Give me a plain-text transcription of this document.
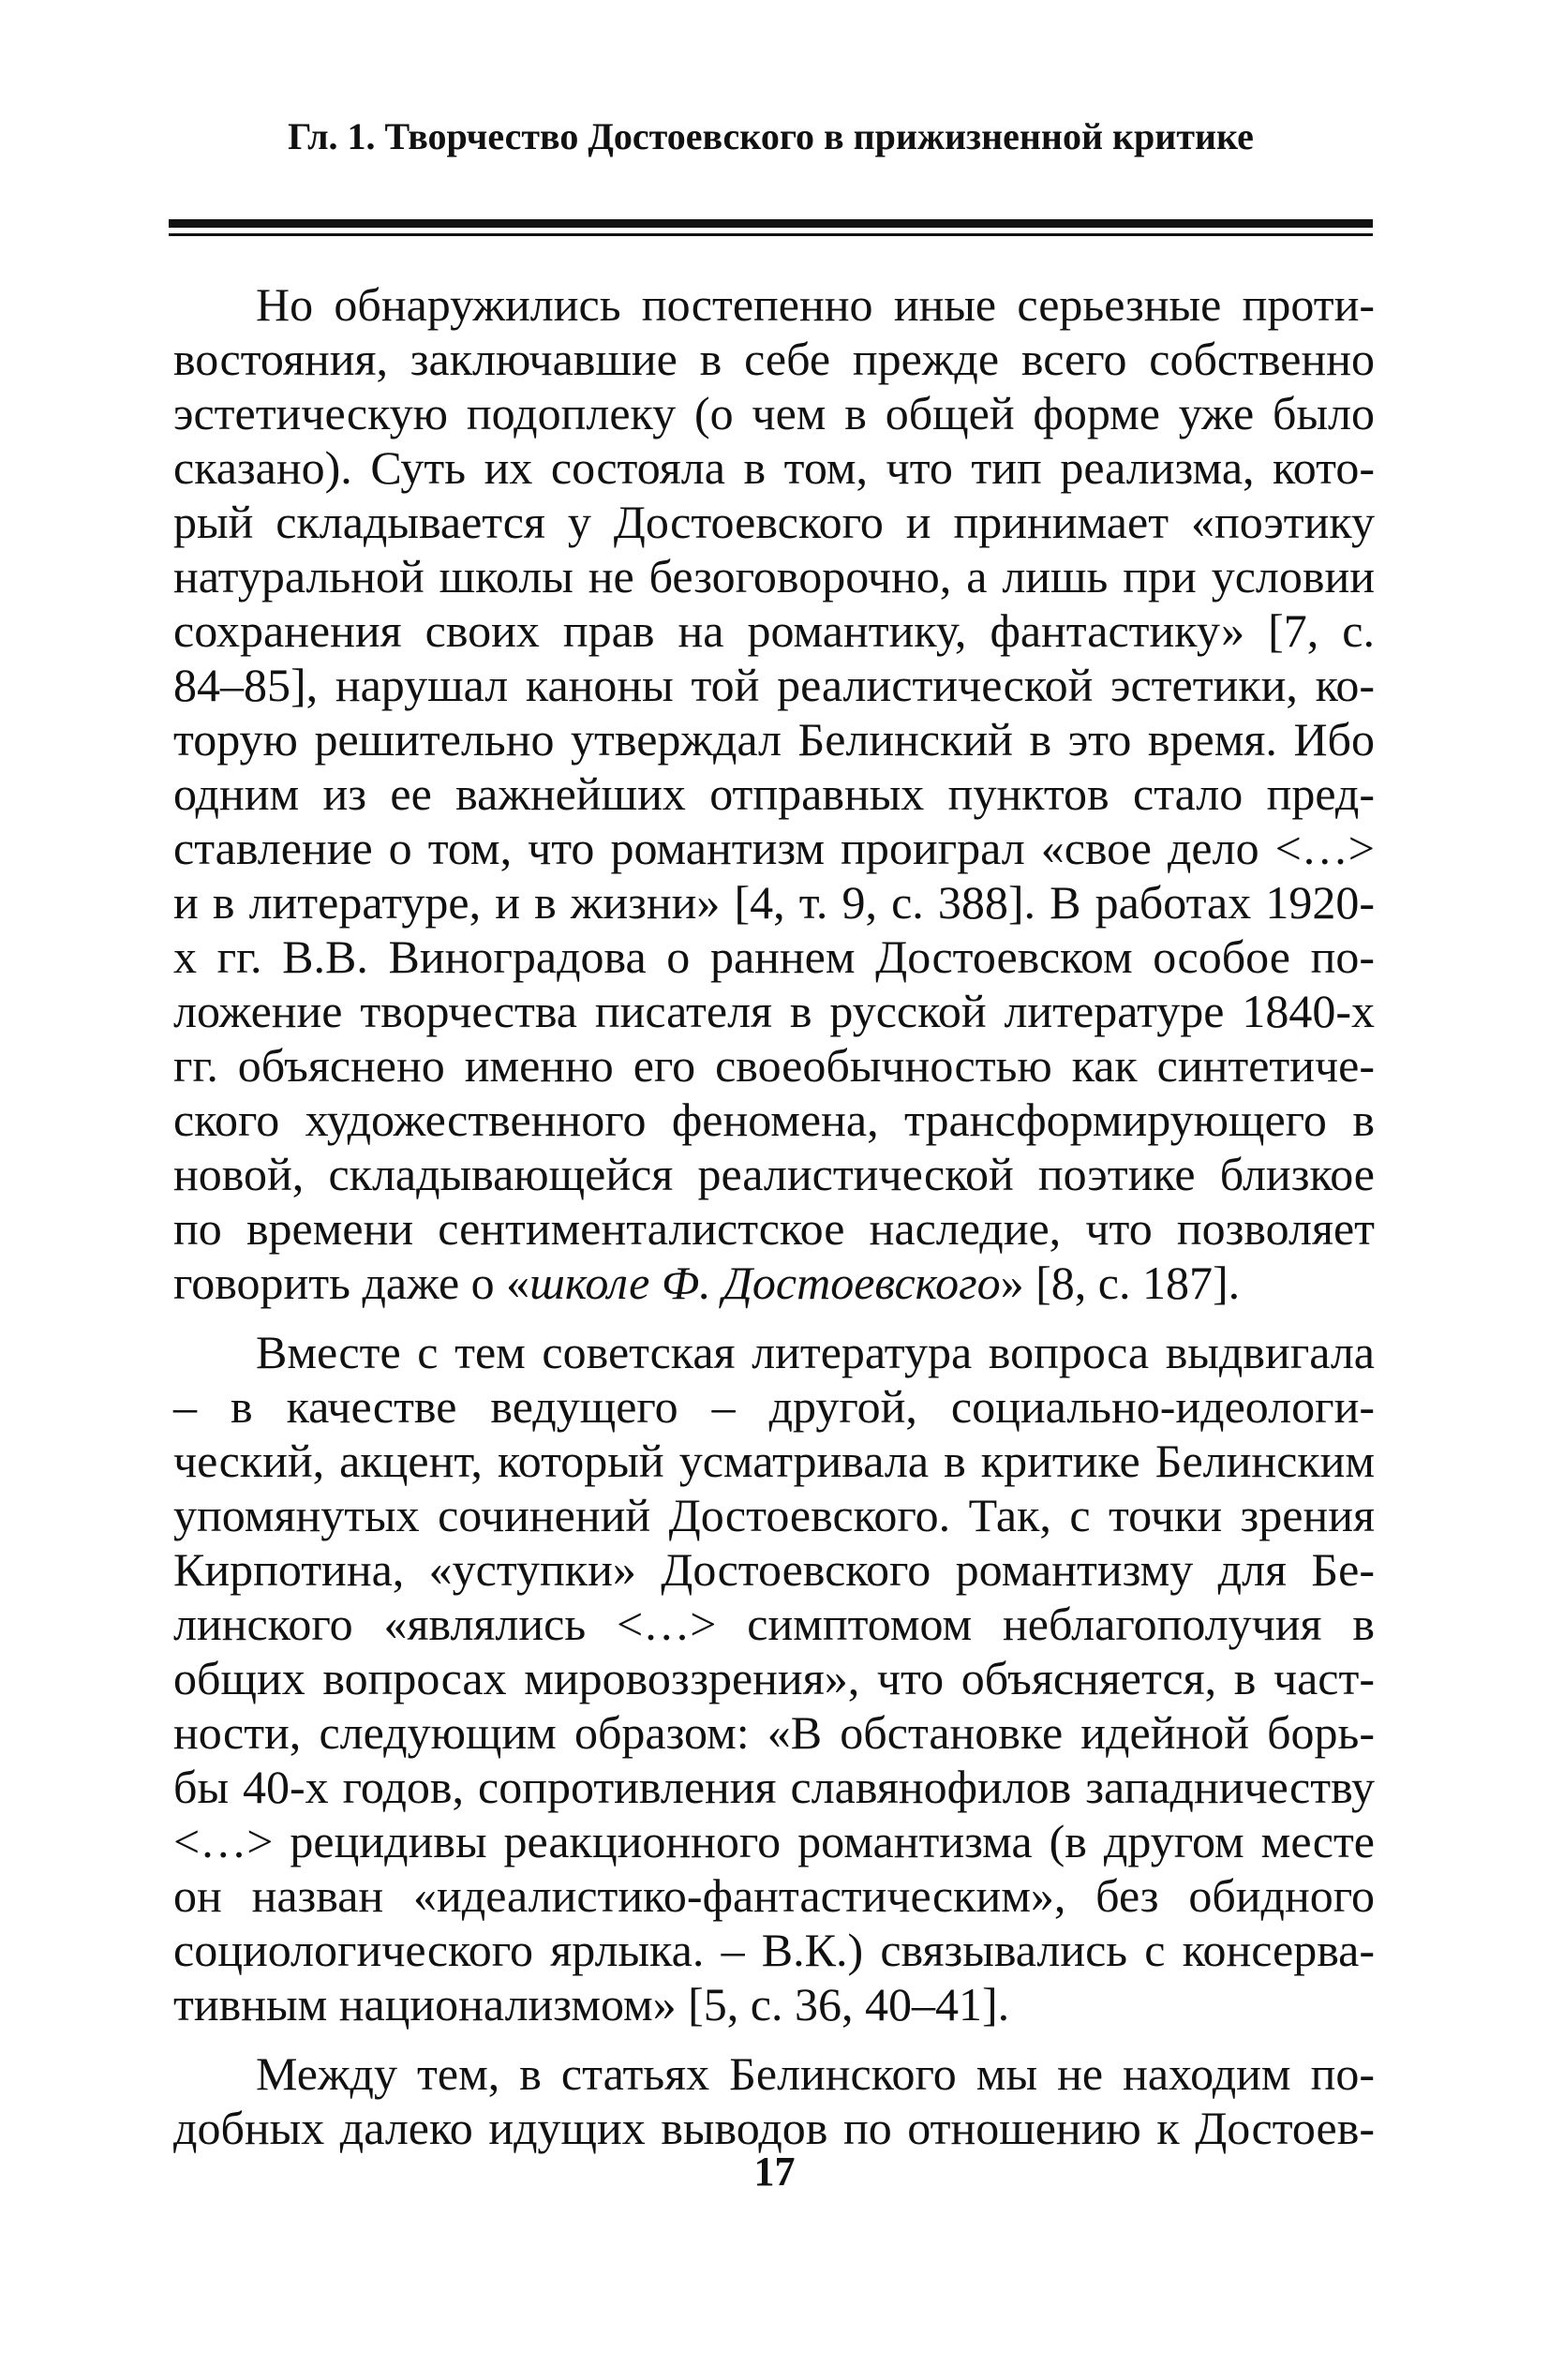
Гл. 1. Творчество Достоевского в прижизненной критике
Но обнаружились постепенно иные серьезные проти-
востояния, заключавшие в себе прежде всего собственно
эстетическую подоплеку (о чем в общей форме уже было
сказано). Суть их состояла в том, что тип реализма, кото-
рый складывается у Достоевского и принимает «поэтику
натуральной школы не безоговорочно, а лишь при условии
сохранения своих прав на романтику, фантастику» [7, с.
84–85], нарушал каноны той реалистической эстетики, ко-
торую решительно утверждал Белинский в это время. Ибо
одним из ее важнейших отправных пунктов стало пред-
ставление о том, что романтизм проиграл «свое дело <…>
и в литературе, и в жизни» [4, т. 9, с. 388]. В работах 1920-
х гг. В.В. Виноградова о раннем Достоевском особое по-
ложение творчества писателя в русской литературе 1840-х
гг. объяснено именно его своеобычностью как синтетиче-
ского художественного феномена, трансформирующего в
новой, складывающейся реалистической поэтике близкое
по времени сентименталистское наследие, что позволяет
говорить даже о «школе Ф. Достоевского» [8, с. 187].
Вместе с тем советская литература вопроса выдвигала
– в качестве ведущего – другой, социально-идеологи-
ческий, акцент, который усматривала в критике Белинским
упомянутых сочинений Достоевского. Так, с точки зрения
Кирпотина, «уступки» Достоевского романтизму для Бе-
линского «являлись <…> симптомом неблагополучия в
общих вопросах мировоззрения», что объясняется, в част-
ности, следующим образом: «В обстановке идейной борь-
бы 40-х годов, сопротивления славянофилов западничеству
<…> рецидивы реакционного романтизма (в другом месте
он назван «идеалистико-фантастическим», без обидного
социологического ярлыка. – В.К.) связывались с консерва-
тивным национализмом» [5, с. 36, 40–41].
Между тем, в статьях Белинского мы не находим по-
добных далеко идущих выводов по отношению к Достоев-
17
